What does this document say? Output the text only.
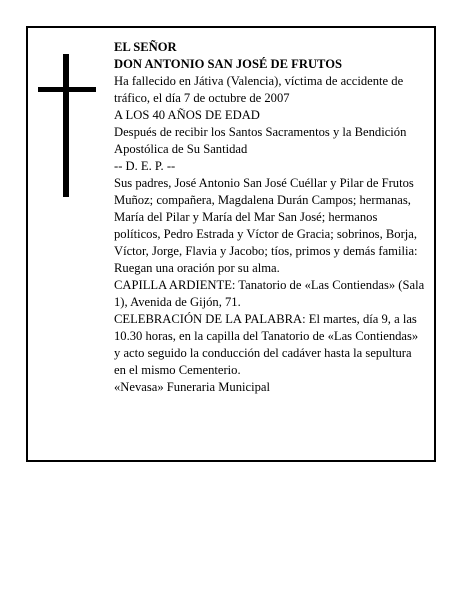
EL SEÑOR

DON ANTONIO SAN JOSÉ DE FRUTOS

Ha fallecido en Játiva (Valencia), víctima de accidente de tráfico, el día 7 de octubre de 2007

A LOS 40 AÑOS DE EDAD

Después de recibir los Santos Sacramentos y la Bendición Apostólica de Su Santidad

-- D. E. P. --

Sus padres, José Antonio San José Cuéllar y Pilar de Frutos Muñoz; compañera, Magdalena Durán Campos; hermanas, María del Pilar y María del Mar San José; hermanos políticos, Pedro Estrada y Víctor de Gracia; sobrinos, Borja, Víctor, Jorge, Flavia y Jacobo; tíos, primos y demás familia:

Ruegan una oración por su alma.

CAPILLA ARDIENTE: Tanatorio de «Las Contiendas» (Sala 1), Avenida de Gijón, 71.

CELEBRACIÓN DE LA PALABRA: El martes, día 9, a las 10.30 horas, en la capilla del Tanatorio de «Las Contiendas» y acto seguido la conducción del cadáver hasta la sepultura en el mismo Cementerio.

«Nevasa» Funeraria Municipal
